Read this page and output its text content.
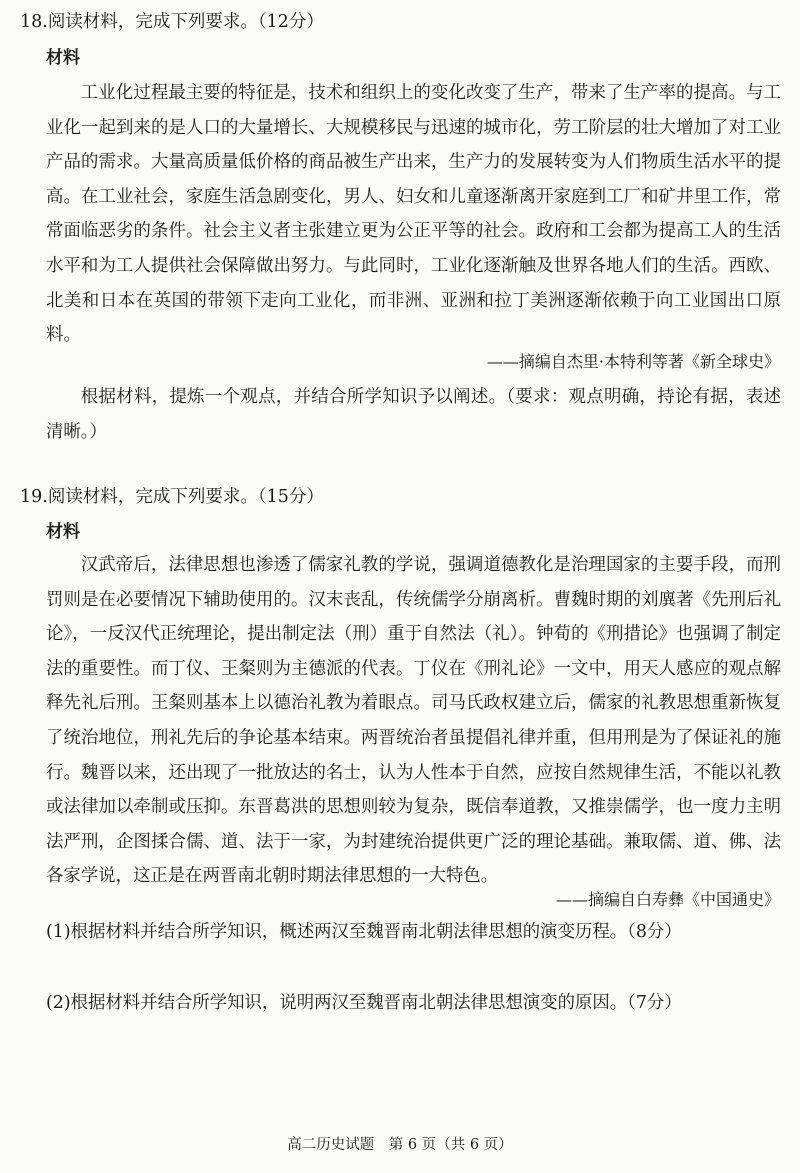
18.阅读材料，完成下列要求。（12分）
材料

工业化过程最主要的特征是，技术和组织上的变化改变了生产，带来了生产率的提高。与工业化一起到来的是人口的大量增长、大规模移民与迅速的城市化，劳工阶层的壮大增加了对工业产品的需求。大量高质量低价格的商品被生产出来，生产力的发展转变为人们物质生活水平的提高。在工业社会，家庭生活急剧变化，男人、妇女和儿童逐渐离开家庭到工厂和矿井里工作，常常面临恶劣的条件。社会主义者主张建立更为公正平等的社会。政府和工会都为提高工人的生活水平和为工人提供社会保障做出努力。与此同时，工业化逐渐触及世界各地人们的生活。西欧、北美和日本在英国的带领下走向工业化，而非洲、亚洲和拉丁美洲逐渐依赖于向工业国出口原料。

——摘编自杰里·本特利等著《新全球史》

根据材料，提炼一个观点，并结合所学知识予以阐述。（要求：观点明确，持论有据，表述清晰。）

19.阅读材料，完成下列要求。（15分）
材料

汉武帝后，法律思想也渗透了儒家礼教的学说，强调道德教化是治理国家的主要手段，而刑罚则是在必要情况下辅助使用的。汉末丧乱，传统儒学分崩离析。曹魏时期的刘廙著《先刑后礼论》，一反汉代正统理论，提出制定法（刑）重于自然法（礼）。钟荀的《刑措论》也强调了制定法的重要性。而丁仪、王粲则为主德派的代表。丁仪在《刑礼论》一文中，用天人感应的观点解释先礼后刑。王粲则基本上以德治礼教为着眼点。司马氏政权建立后，儒家的礼教思想重新恢复了统治地位，刑礼先后的争论基本结束。两晋统治者虽提倡礼律并重，但用刑是为了保证礼的施行。魏晋以来，还出现了一批放达的名士，认为人性本于自然，应按自然规律生活，不能以礼教或法律加以牵制或压抑。东晋葛洪的思想则较为复杂，既信奉道教，又推崇儒学，也一度力主明法严刑，企图揉合儒、道、法于一家，为封建统治提供更广泛的理论基础。兼取儒、道、佛、法各家学说，这正是在两晋南北朝时期法律思想的一大特色。

——摘编自白寿彝《中国通史》
(1)根据材料并结合所学知识，概述两汉至魏晋南北朝法律思想的演变历程。（8分）
(2)根据材料并结合所学知识，说明两汉至魏晋南北朝法律思想演变的原因。（7分）
高二历史试题　第 6 页（共 6 页）
